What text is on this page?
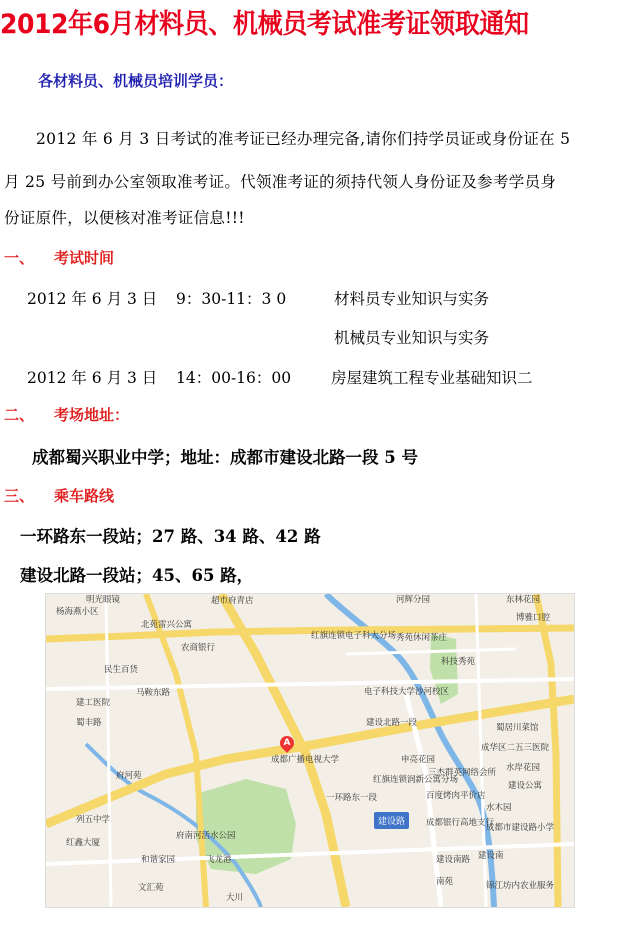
2012年6月材料员、机械员考试准考证领取通知
各材料员、机械员培训学员：
2012 年 6 月 3 日考试的准考证已经办理完备,请你们持学员证或身份证在 5
月 25 号前到办公室领取准考证。代领准考证的须持代领人身份证及参考学员身
份证原件，以便核对准考证信息!!!
一、 考试时间
2012 年 6 月 3 日 9：30-11：3 0	材料员专业知识与实务
机械员专业知识与实务
2012 年 6 月 3 日 14：00-16：00	房屋建筑工程专业基础知识二
二、 考场地址：
成都蜀兴职业中学；地址：成都市建设北路一段 5 号
三、 乘车路线
一环路东一段站；27 路、34 路、42 路
建设北路一段站；45、65 路，
A
建设路
明光眼镜
杨海燕小区
超市府青店
北苑雷兴公寓
河辉分园	东林花园
博雅口腔
红旗连锁电子科大分场 秀苑休闲茶庄
科技秀苑
农商银行
民生百货
马鞍东路	电子科技大学沙河校区
建设北路一段
建工医院
蜀丰路	蜀居川菜馆
成都广播电视大学	申亮花园
成华区二五三医院
红旗连锁润新公寓分场
三杰群英网络会所 水岸花园
建设公寓
府河苑
列五中学
府南河活水公园
一环路东一段
成都银行高地支行
成都市建设路小学
建设南路 建设南
和谐家园	飞龙港
文汇苑
南苑	锦江坊内农业服务
大川
红鑫大厦
百度烤肉平价店
水木园
